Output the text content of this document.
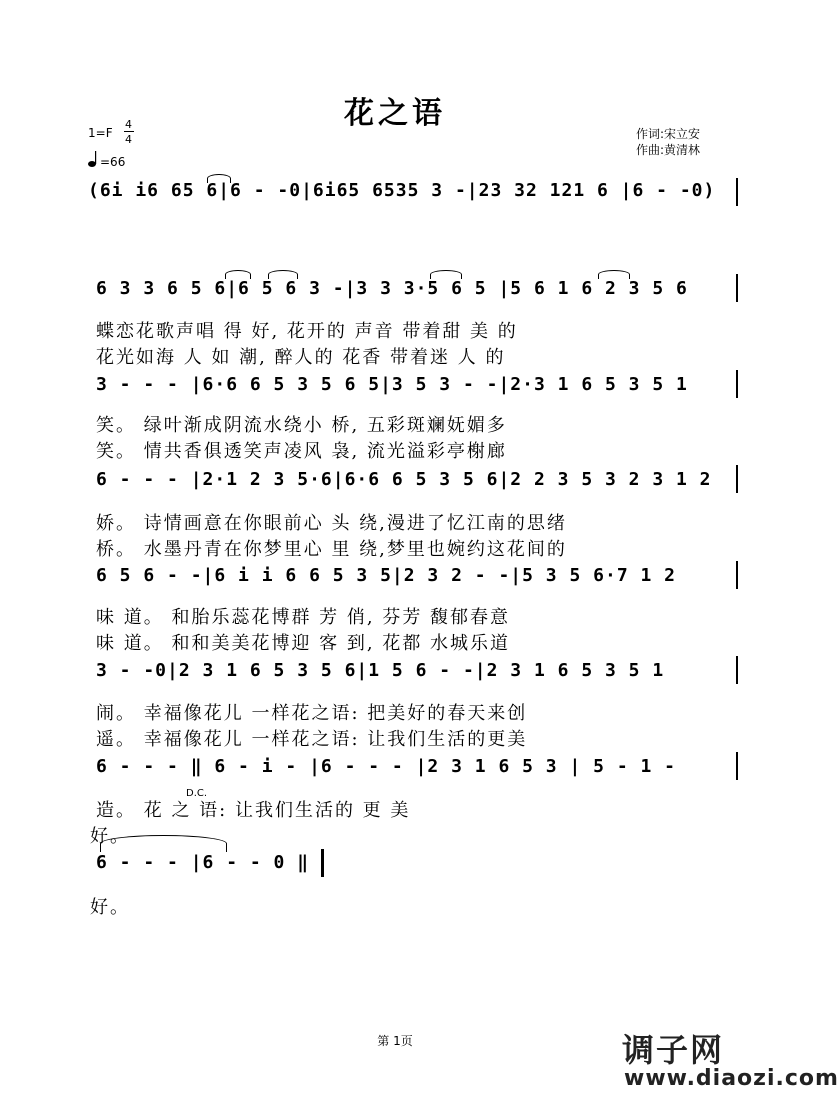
花之语
1=F
4
4
=66
作词:宋立安
作曲:黄清林
(6i i6 65 6|6 - -0|6i65 6535 3 -|23 32 121 6 |6 - -0)
6 3 3 6 5 6|6 5 6 3 -|3 3 3·5 6 5 |5 6 1 6 2 3 5 6
蝶恋花歌声唱 得 好, 花开的 声音 带着甜 美 的
花光如海 人 如 潮, 醉人的 花香 带着迷 人 的
3 - - - |6·6 6 5 3 5 6 5|3 5 3 - -|2·3 1 6 5 3 5 1
笑。 绿叶渐成阴流水绕小 桥, 五彩斑斓妩媚多
笑。 情共香俱透笑声凌风 袅, 流光溢彩亭榭廊
6 - - - |2·1 2 3 5·6|6·6 6 5 3 5 6|2 2 3 5 3 2 3 1 2
娇。 诗情画意在你眼前心 头 绕,漫进了忆江南的思绪
桥。 水墨丹青在你梦里心 里 绕,梦里也婉约这花间的
6 5 6 - -|6 i i 6 6 5 3 5|2 3 2 - -|5 3 5 6·7 1 2
味 道。 和胎乐蕊花博群 芳 俏, 芬芳 馥郁春意
味 道。 和和美美花博迎 客 到, 花都 水城乐道
3 - -0|2 3 1 6 5 3 5 6|1 5 6 - -|2 3 1 6 5 3 5 1
闹。 幸福像花儿 一样花之语: 把美好的春天来创
遥。 幸福像花儿 一样花之语: 让我们生活的更美
6 - - - ‖ 6 - i - |6 - - - |2 3 1 6 5 3 | 5 - 1 -
D.C.
造。 花 之 语: 让我们生活的 更 美
好。
6 - - - |6 - - 0 ‖
好。
第 1页	调子网
www.diaozi.com
